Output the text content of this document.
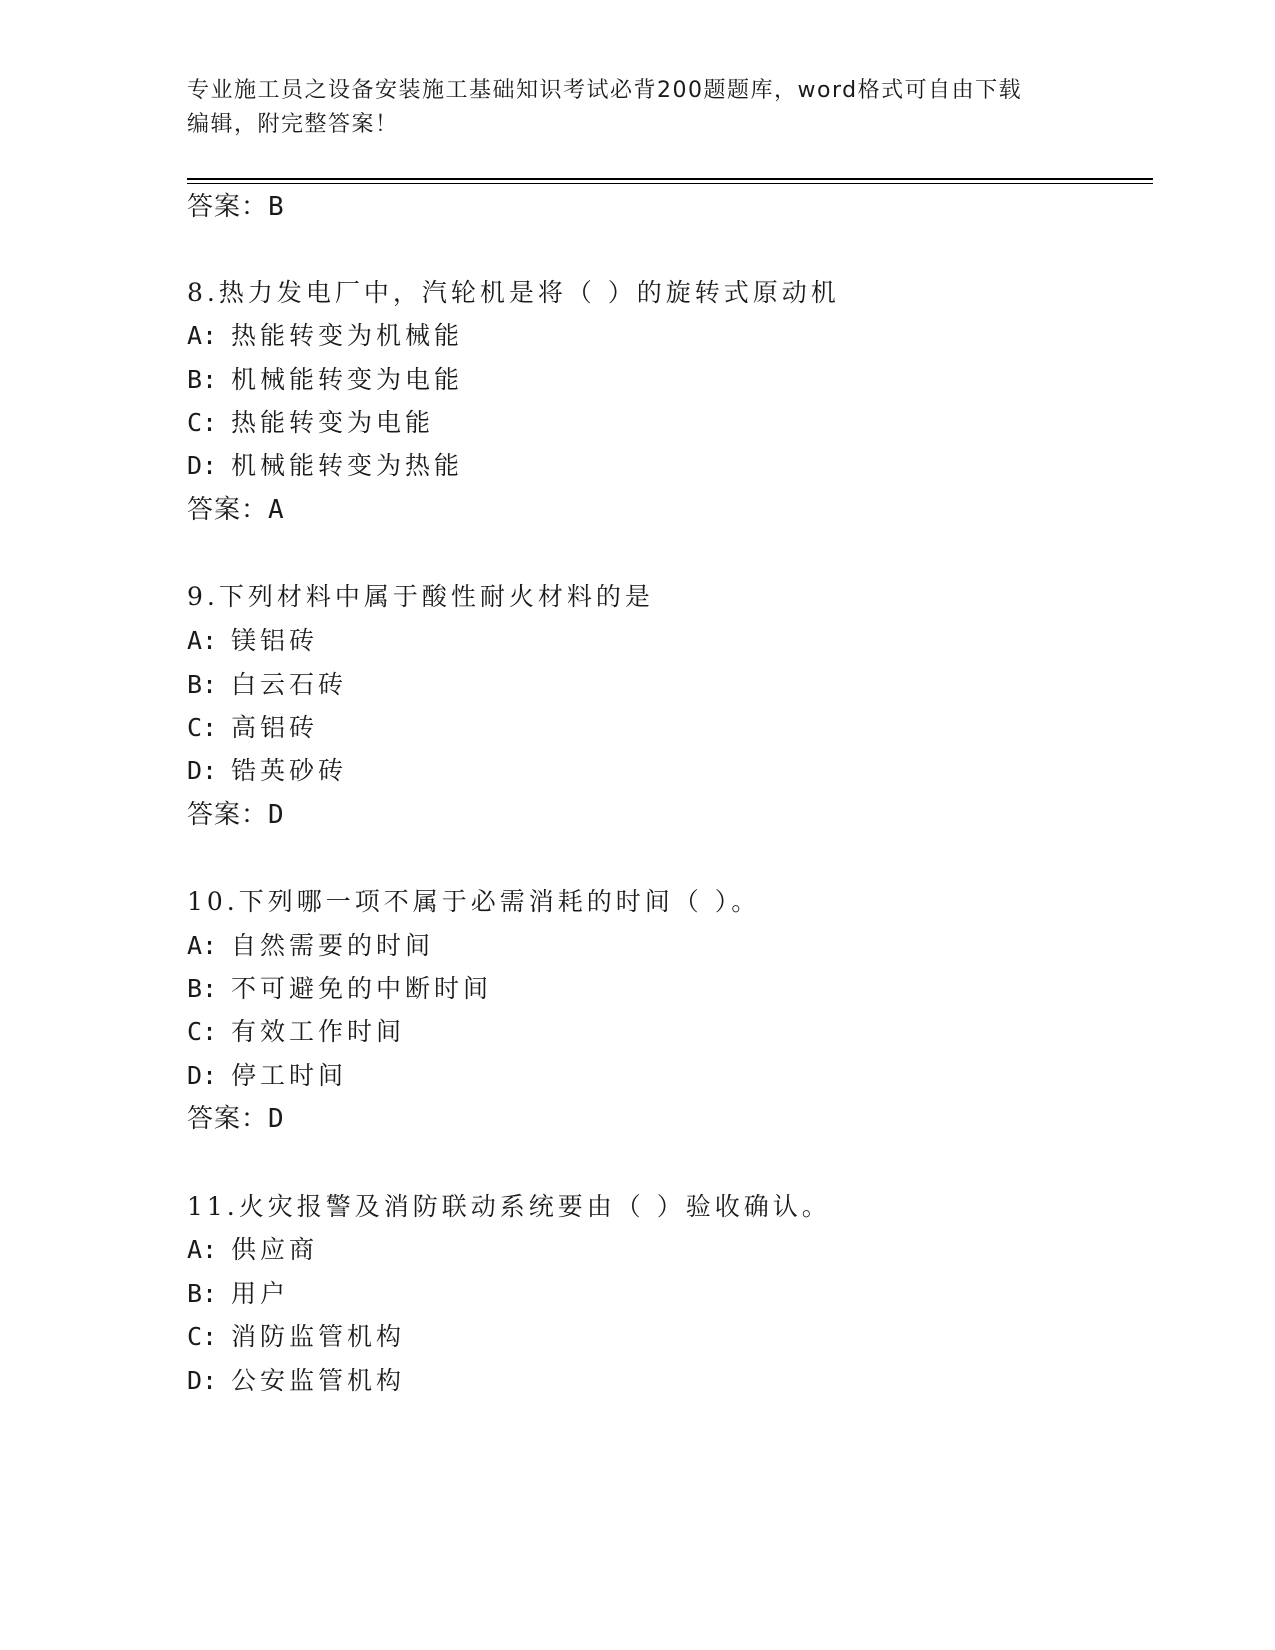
专业施工员之设备安装施工基础知识考试必背200题题库，word格式可自由下载
编辑，附完整答案！
答案：B
8.热力发电厂中，汽轮机是将（ ）的旋转式原动机
A: 热能转变为机械能
B: 机械能转变为电能
C: 热能转变为电能
D: 机械能转变为热能
答案：A
9.下列材料中属于酸性耐火材料的是
A: 镁铝砖
B: 白云石砖
C: 高铝砖
D: 锆英砂砖
答案：D
10.下列哪一项不属于必需消耗的时间（ ）。
A: 自然需要的时间
B: 不可避免的中断时间
C: 有效工作时间
D: 停工时间
答案：D
11.火灾报警及消防联动系统要由（ ）验收确认。
A: 供应商
B: 用户
C: 消防监管机构
D: 公安监管机构
